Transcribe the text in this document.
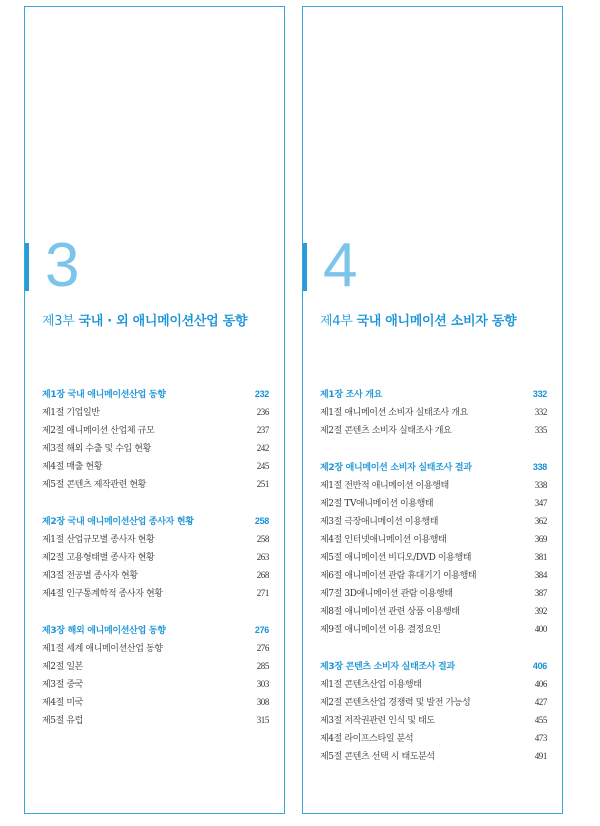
3
제3부 국내 · 외 애니메이션산업 동향
제1장 국내 애니메이션산업 동향	232
제1절 기업일반	236
제2절 애니메이션 산업체 규모	237
제3절 해외 수출 및 수입 현황	242
제4절 매출 현황	245
제5절 콘텐츠 제작관련 현황	251
제2장 국내 애니메이션산업 종사자 현황	258
제1절 산업규모별 종사자 현황	258
제2절 고용형태별 종사자 현황	263
제3절 전공별 종사자 현황	268
제4절 인구통계학적 종사자 현황	271
제3장 해외 애니메이션산업 동향	276
제1절 세계 애니메이션산업 동향	276
제2절 일본	285
제3절 중국	303
제4절 미국	308
제5절 유럽	315
4
제4부 국내 애니메이션 소비자 동향
제1장 조사 개요	332
제1절 애니메이션 소비자 실태조사 개요	332
제2절 콘텐츠 소비자 실태조사 개요	335
제2장 애니메이션 소비자 실태조사 결과	338
제1절 전반적 애니메이션 이용행태	338
제2절 TV애니메이션 이용행태	347
제3절 극장애니메이션 이용행태	362
제4절 인터넷애니메이션 이용행태	369
제5절 애니메이션 비디오/DVD 이용행태	381
제6절 애니메이션 관람 휴대기기 이용행태	384
제7절 3D애니메이션 관람 이용행태	387
제8절 애니메이션 관련 상품 이용행태	392
제9절 애니메이션 이용 결정요인	400
제3장 콘텐츠 소비자 실태조사 결과	406
제1절 콘텐츠산업 이용행태	406
제2절 콘텐츠산업 경쟁력 및 발전 가능성	427
제3절 저작권관련 인식 및 태도	455
제4절 라이프스타일 분석	473
제5절 콘텐츠 선택 시 태도분석	491
